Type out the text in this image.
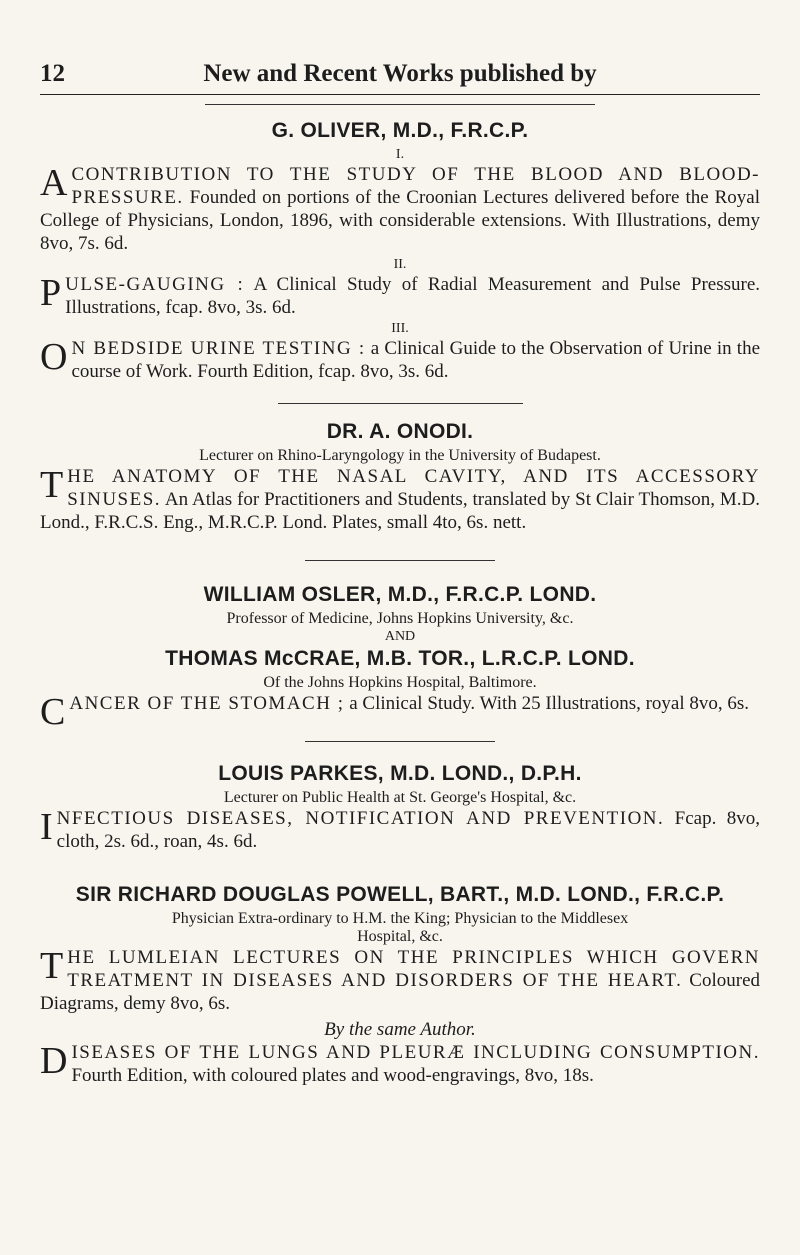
12	New and Recent Works published by
G. OLIVER, M.D., F.R.C.P.
I.
ACONTRIBUTION TO THE STUDY OF THE BLOOD AND BLOOD-PRESSURE. Founded on portions of the Croonian Lectures delivered before the Royal College of Physicians, London, 1896, with considerable extensions. With Illustrations, demy 8vo, 7s. 6d.
II.
PULSE-GAUGING : A Clinical Study of Radial Measurement and Pulse Pressure. Illustrations, fcap. 8vo, 3s. 6d.
III.
O N BEDSIDE URINE TESTING : a Clinical Guide to the Observation of Urine in the course of Work. Fourth Edition, fcap. 8vo, 3s. 6d.
DR. A. ONODI.
Lecturer on Rhino-Laryngology in the University of Budapest.
THE ANATOMY OF THE NASAL CAVITY, AND ITS ACCESSORY SINUSES. An Atlas for Practitioners and Students, translated by St Clair Thomson, M.D. Lond., F.R.C.S. Eng., M.R.C.P. Lond. Plates, small 4to, 6s. nett.
WILLIAM OSLER, M.D., F.R.C.P. LOND.
Professor of Medicine, Johns Hopkins University, &c.
AND
THOMAS McCRAE, M.B. TOR., L.R.C.P. LOND.
Of the Johns Hopkins Hospital, Baltimore.
CANCER OF THE STOMACH ; a Clinical Study. With 25 Illustrations, royal 8vo, 6s.
LOUIS PARKES, M.D. LOND., D.P.H.
Lecturer on Public Health at St. George's Hospital, &c.
INFECTIOUS DISEASES, NOTIFICATION AND PREVENTION. Fcap. 8vo, cloth, 2s. 6d., roan, 4s. 6d.
SIR RICHARD DOUGLAS POWELL, BART., M.D. LOND., F.R.C.P.
Physician Extra-ordinary to H.M. the King; Physician to the Middlesex Hospital, &c.
THE LUMLEIAN LECTURES ON THE PRINCIPLES WHICH GOVERN TREATMENT IN DISEASES AND DISORDERS OF THE HEART. Coloured Diagrams, demy 8vo, 6s.
By the same Author.
DISEASES OF THE LUNGS AND PLEURÆ INCLUDING CONSUMPTION. Fourth Edition, with coloured plates and wood-engravings, 8vo, 18s.
